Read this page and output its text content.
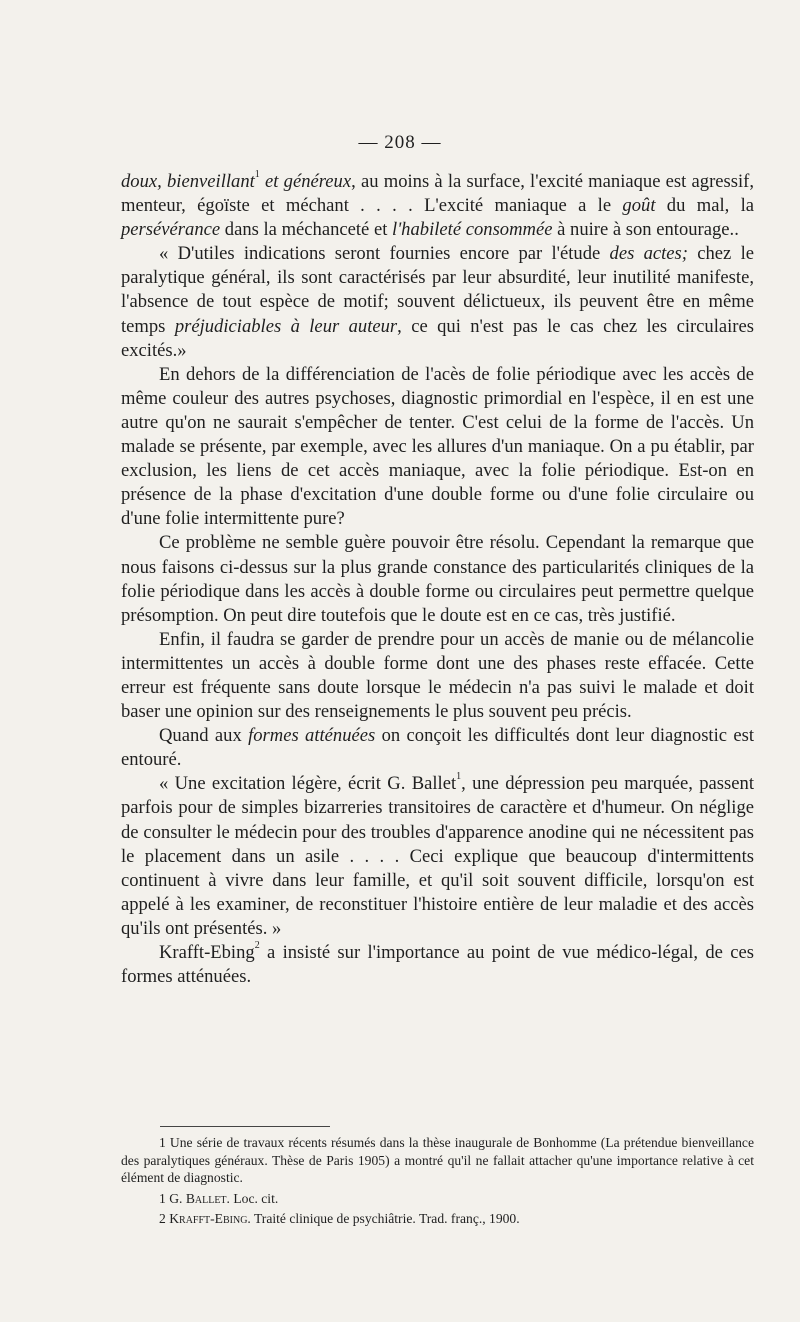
— 208 —

doux, bienveillant$^1$ et généreux, au moins à la surface, l'excité maniaque est agressif, menteur, égoïste et méchant . . . . L'excité maniaque a le goût du mal, la persévérance dans la méchanceté et l'habileté consommée à nuire à son entourage..

« D'utiles indications seront fournies encore par l'étude des actes; chez le paralytique général, ils sont caractérisés par leur absurdité, leur inutilité manifeste, l'absence de tout espèce de motif; souvent délictueux, ils peuvent être en même temps préjudiciables à leur auteur, ce qui n'est pas le cas chez les circulaires excités.»

En dehors de la différenciation de l'acès de folie périodique avec les accès de même couleur des autres psychoses, diagnostic primordial en l'espèce, il en est une autre qu'on ne saurait s'empêcher de tenter. C'est celui de la forme de l'accès. Un malade se présente, par exemple, avec les allures d'un maniaque. On a pu établir, par exclusion, les liens de cet accès maniaque, avec la folie périodique. Est-on en présence de la phase d'excitation d'une double forme ou d'une folie circulaire ou d'une folie intermittente pure?

Ce problème ne semble guère pouvoir être résolu. Cependant la remarque que nous faisons ci-dessus sur la plus grande constance des particularités cliniques de la folie périodique dans les accès à double forme ou circulaires peut permettre quelque présomption. On peut dire toutefois que le doute est en ce cas, très justifié.

Enfin, il faudra se garder de prendre pour un accès de manie ou de mélancolie intermittentes un accès à double forme dont une des phases reste effacée. Cette erreur est fréquente sans doute lorsque le médecin n'a pas suivi le malade et doit baser une opinion sur des renseignements le plus souvent peu précis.

Quand aux formes atténuées on conçoit les difficultés dont leur diagnostic est entouré.

« Une excitation légère, écrit G. Ballet$^1$, une dépression peu marquée, passent parfois pour de simples bizarreries transitoires de caractère et d'humeur. On néglige de consulter le médecin pour des troubles d'apparence anodine qui ne nécessitent pas le placement dans un asile . . . . Ceci explique que beaucoup d'intermittents continuent à vivre dans leur famille, et qu'il soit souvent difficile, lorsqu'on est appelé à les examiner, de reconstituer l'histoire entière de leur maladie et des accès qu'ils ont présentés. »

Krafft-Ebing$^2$ a insisté sur l'importance au point de vue médico-légal, de ces formes atténuées.

1 Une série de travaux récents résumés dans la thèse inaugurale de Bonhomme (La prétendue bienveillance des paralytiques généraux. Thèse de Paris 1905) a montré qu'il ne fallait attacher qu'une importance relative à cet élément de diagnostic.

1 G. Ballet. Loc. cit.

2 Krafft-Ebing. Traité clinique de psychiâtrie. Trad. franç., 1900.
